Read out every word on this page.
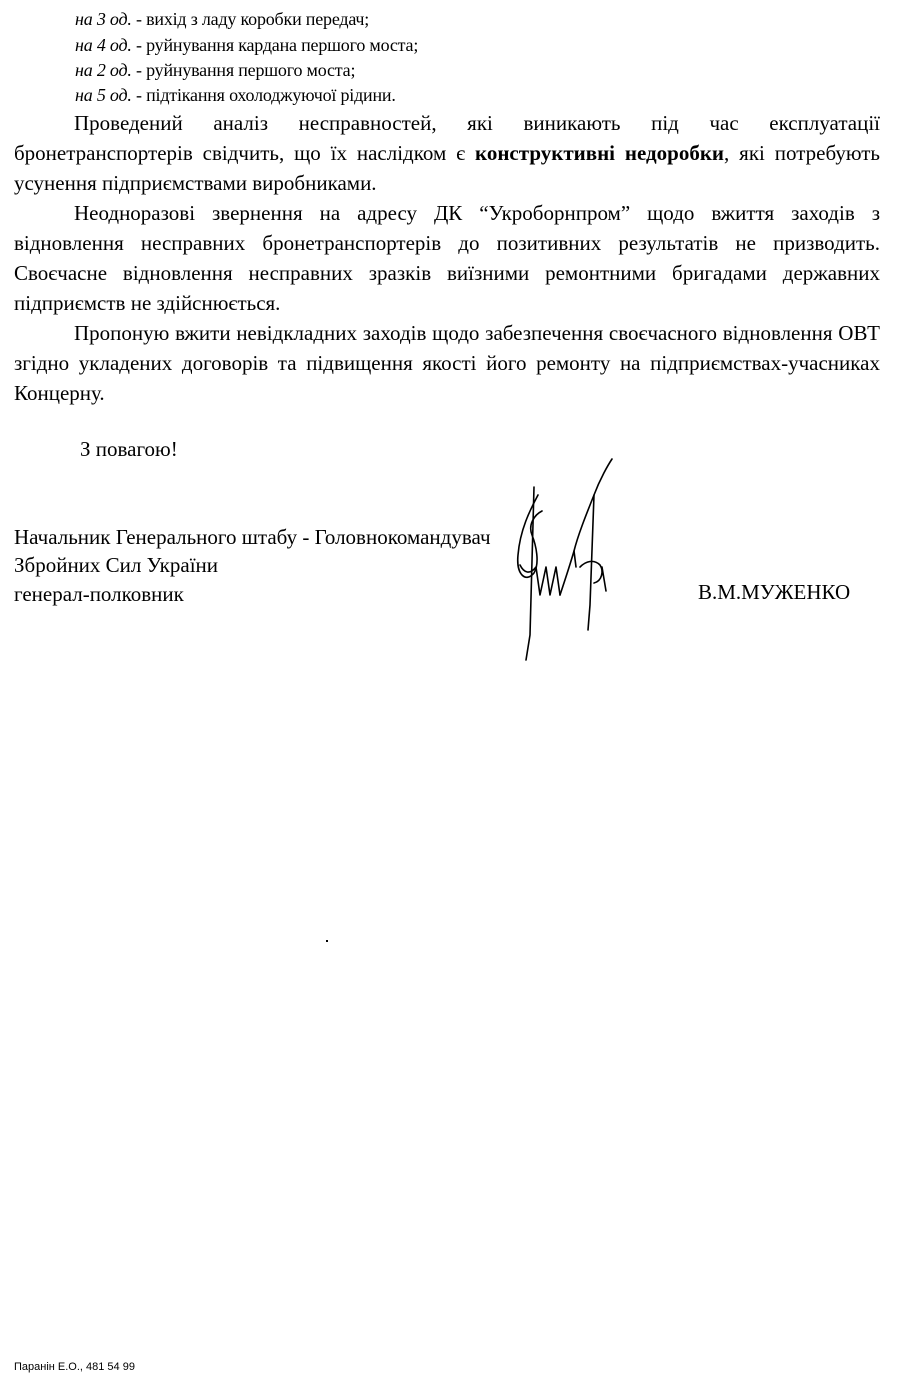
на 3 од. - вихід з ладу коробки передач;
на 4 од. - руйнування кардана першого моста;
на 2 од. - руйнування першого моста;
на 5 од. - підтікання охолоджуючої рідини.

Проведений аналіз несправностей, які виникають під час експлуатації бронетранспортерів свідчить, що їх наслідком є конструктивні недоробки, які потребують усунення підприємствами виробниками.

Неодноразові звернення на адресу ДК “Укроборнпром” щодо вжиття заходів з відновлення несправних бронетранспортерів до позитивних результатів не призводить. Своєчасне відновлення несправних зразків виїзними ремонтними бригадами державних підприємств не здійснюється.

Пропоную вжити невідкладних заходів щодо забезпечення своєчасного відновлення ОВТ згідно укладених договорів та підвищення якості його ремонту на підприємствах-учасниках Концерну.

З повагою!
Начальник Генерального штабу - Головнокомандувач
Збройних Сил України
генерал-полковник	В.М.МУЖЕНКО
Паранін Е.О., 481 54 99
